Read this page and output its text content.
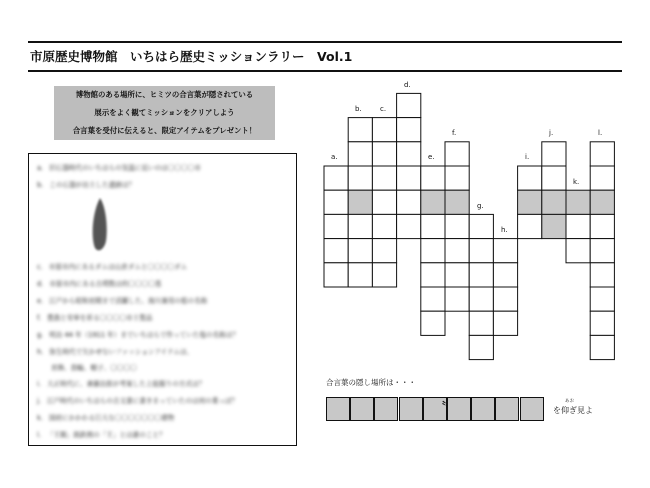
市原歴史博物館　いちはら歴史ミッションラリー　Vol.1
博物館のある場所に、ヒミツの合言葉が隠されている
展示をよく観てミッションをクリアしよう
合言葉を受付に伝えると、限定アイテムをプレゼント！
a. 旧石器時代のいちはらの気温に近いのは〇〇〇〇市
b. この石器が出土した遺跡は？
c. 市原市内にあるダムは山倉ダムと〇〇〇〇ダム
d. 市原市内にある古墳数は約〇〇〇〇基
e. 江戸から昭和初期まで活躍した、海川兼用の船の名称
f. 豊漁と安寧を祈る〇〇〇〇市土製品
g. 明治 44 年（1911 年）までいちはらで作っていた塩の名称は？
h. 弥生時代で欠かせないファッションアイテムは、
首飾、指輪、帽子、〇〇〇〇
i. 大正時代に、斎藤治郎が考案した上総掘りの方式は？
j. 江戸時代のいちはらの古文書に書きまっていたのは何の業っぽ？
k. 国府にかかわる巨大な〇〇〇〇〇〇〇建物
l. 「王賜」銘鉄剣の「王」とは誰のこと？
a.
b.	c.
d.
e.
f.
g.
h.
i.
j.
k.
l.
合言葉の隠し場所は・・・
〝
あお
を仰ぎ見よ
